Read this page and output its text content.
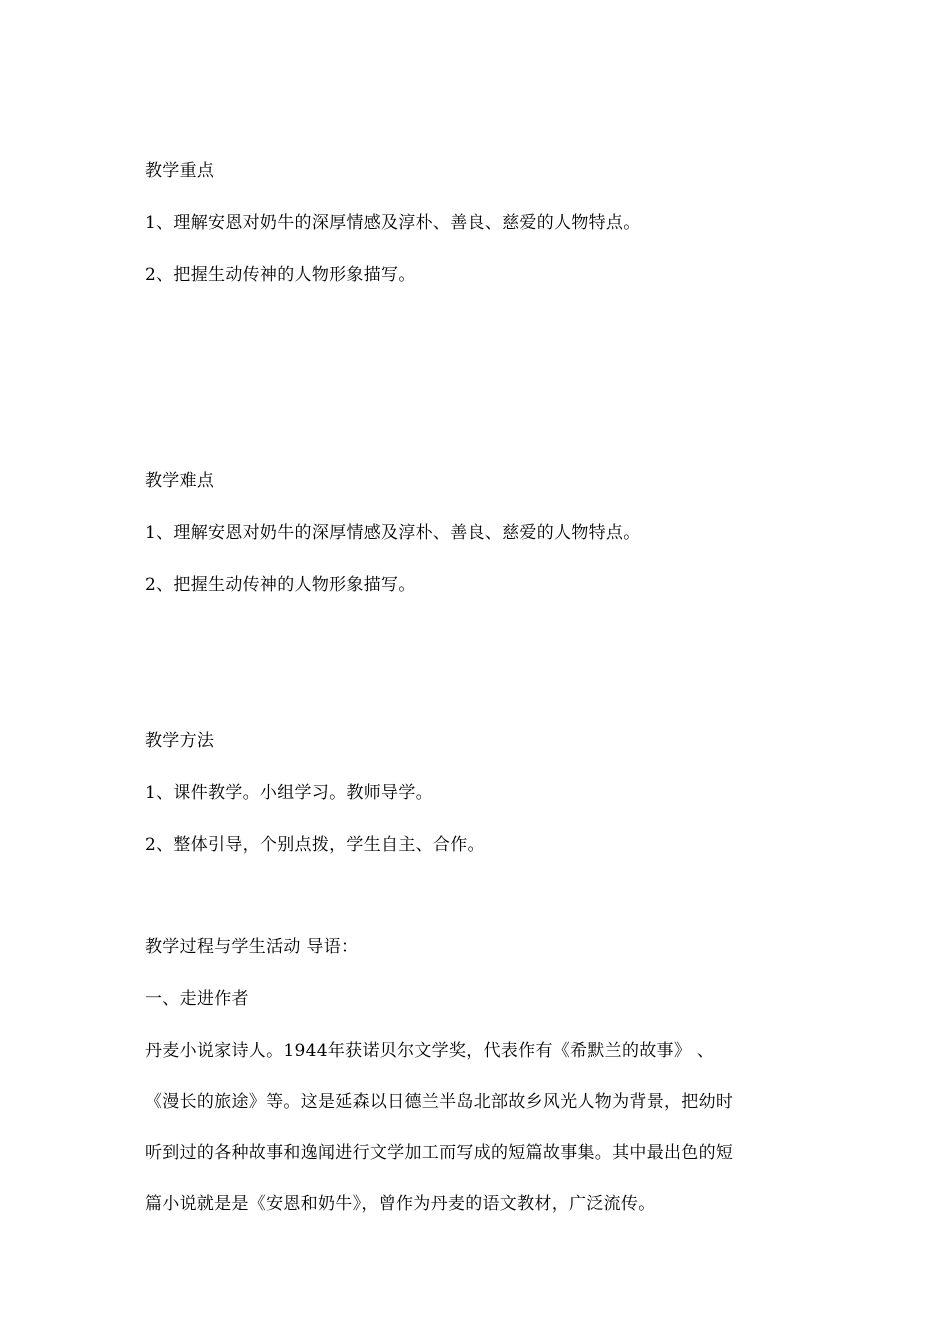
教学重点
1、理解安恩对奶牛的深厚情感及淳朴、善良、慈爱的人物特点。
2、把握生动传神的人物形象描写。
教学难点
1、理解安恩对奶牛的深厚情感及淳朴、善良、慈爱的人物特点。
2、把握生动传神的人物形象描写。
教学方法
1、课件教学。小组学习。教师导学。
2、整体引导，个别点拨，学生自主、合作。
教学过程与学生活动 导语：
一、走进作者
丹麦小说家诗人。1944年获诺贝尔文学奖，代表作有《希默兰的故事》 、
《漫长的旅途》等。这是延森以日德兰半岛北部故乡风光人物为背景，把幼时
听到过的各种故事和逸闻进行文学加工而写成的短篇故事集。其中最出色的短
篇小说就是是《安恩和奶牛》，曾作为丹麦的语文教材，广泛流传。
